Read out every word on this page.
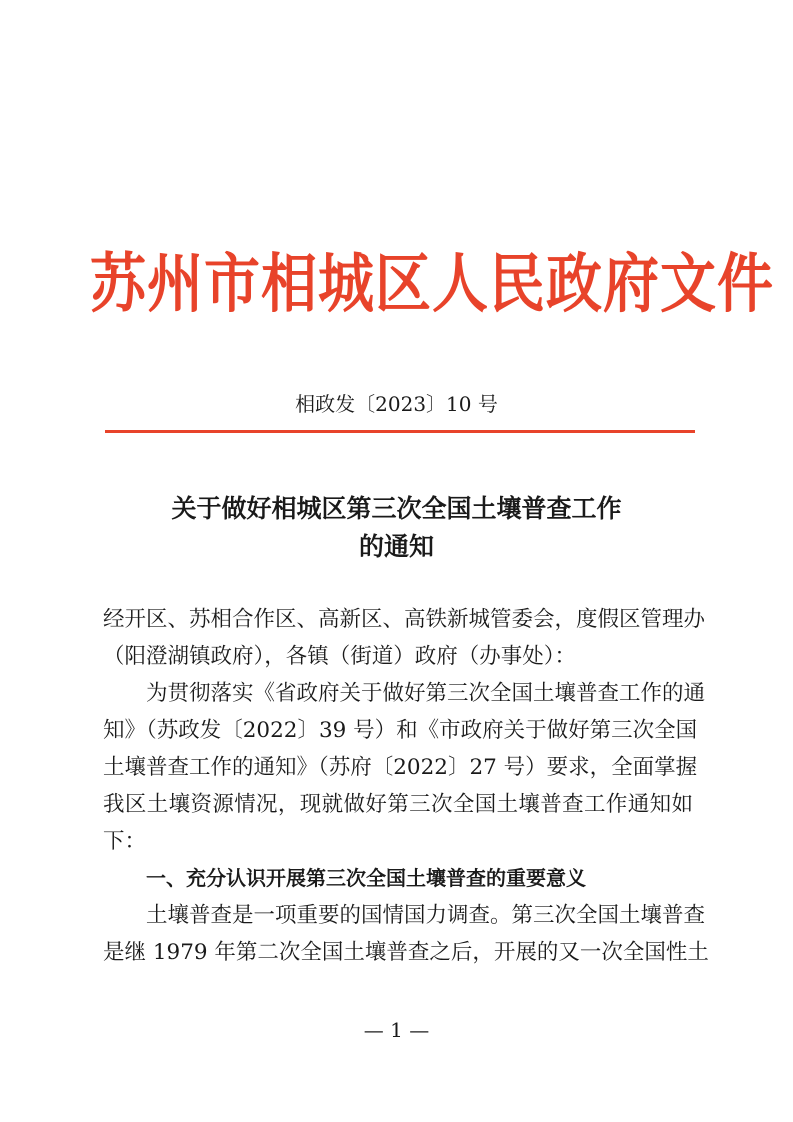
苏州市相城区人民政府文件
相政发〔2023〕10 号
关于做好相城区第三次全国土壤普查工作
的通知
经开区、苏相合作区、高新区、高铁新城管委会，度假区管理办
（阳澄湖镇政府），各镇（街道）政府（办事处）：
为贯彻落实《省政府关于做好第三次全国土壤普查工作的通
知》（苏政发〔2022〕39 号）和《市政府关于做好第三次全国
土壤普查工作的通知》（苏府〔2022〕27 号）要求，全面掌握
我区土壤资源情况，现就做好第三次全国土壤普查工作通知如
下：
一、充分认识开展第三次全国土壤普查的重要意义
土壤普查是一项重要的国情国力调查。第三次全国土壤普查
是继 1979 年第二次全国土壤普查之后，开展的又一次全国性土
— 1 —
